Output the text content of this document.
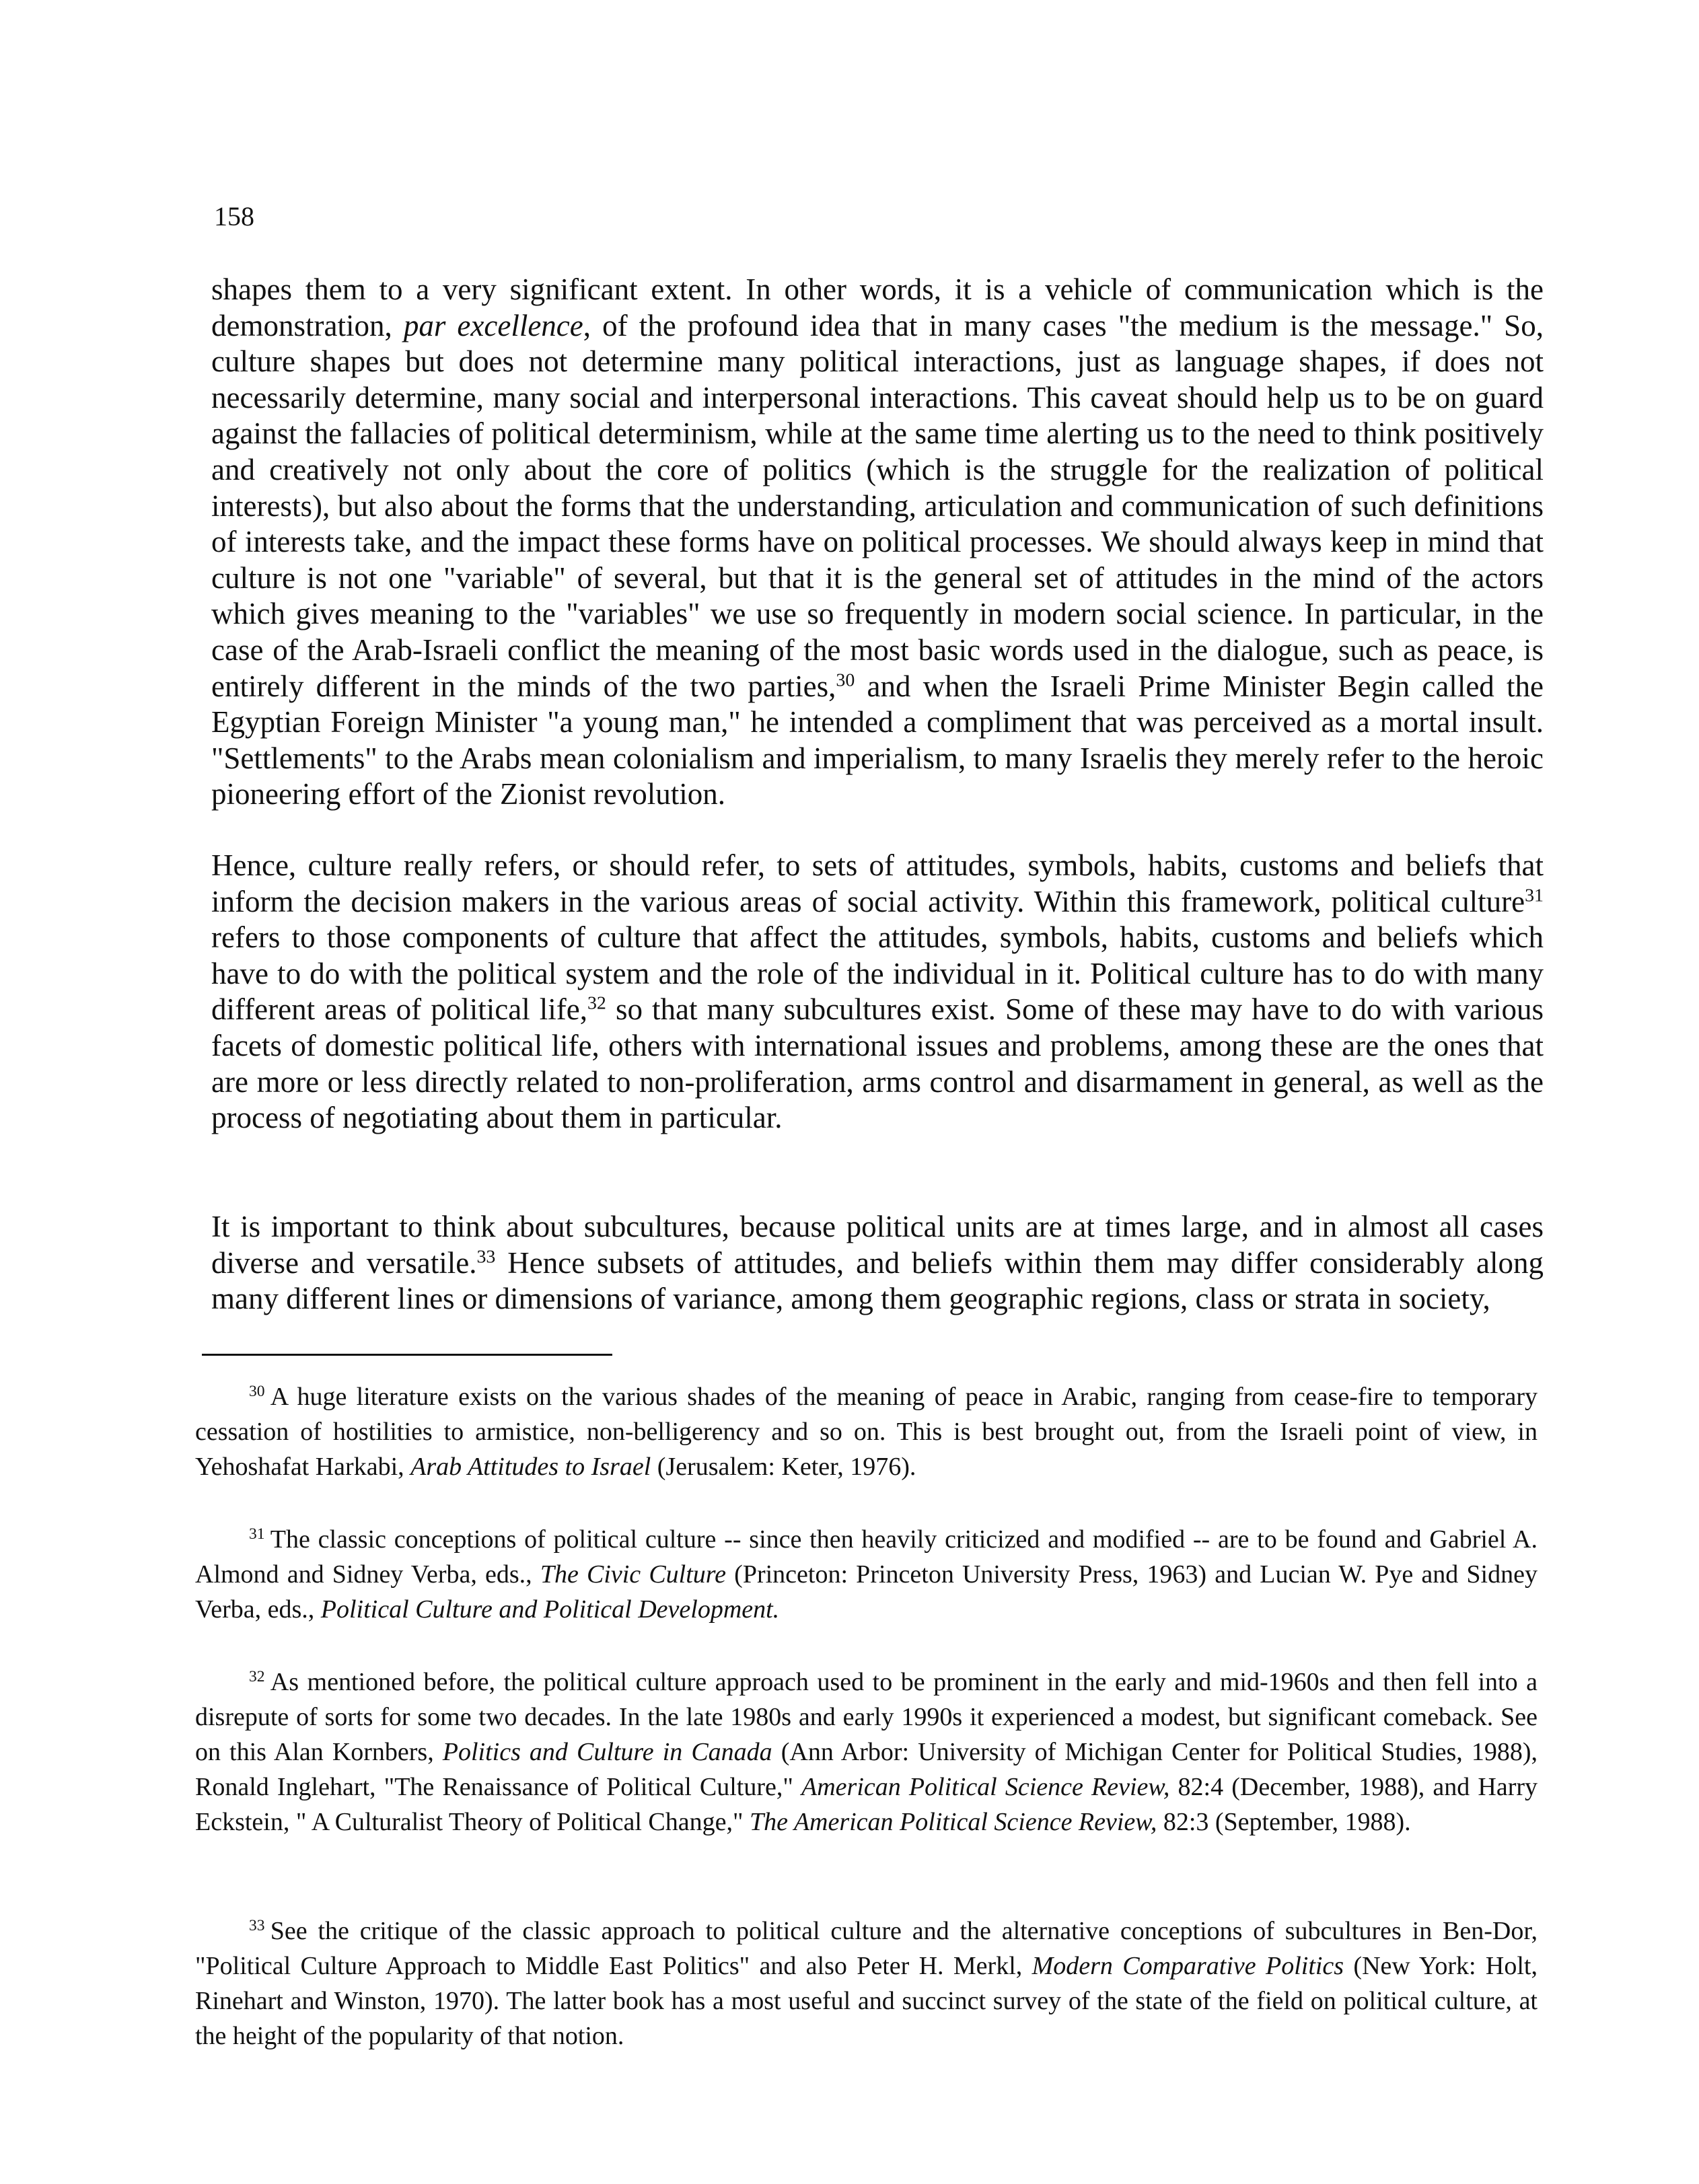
158

shapes them to a very significant extent. In other words, it is a vehicle of communication which is the demonstration, par excellence, of the profound idea that in many cases "the medium is the message." So, culture shapes but does not determine many political interactions, just as language shapes, if does not necessarily determine, many social and interpersonal interactions. This caveat should help us to be on guard against the fallacies of political determinism, while at the same time alerting us to the need to think positively and creatively not only about the core of politics (which is the struggle for the realization of political interests), but also about the forms that the understanding, articulation and communication of such definitions of interests take, and the impact these forms have on political processes. We should always keep in mind that culture is not one "variable" of several, but that it is the general set of attitudes in the mind of the actors which gives meaning to the "variables" we use so frequently in modern social science. In particular, in the case of the Arab-Israeli conflict the meaning of the most basic words used in the dialogue, such as peace, is entirely different in the minds of the two parties,$^{30}$ and when the Israeli Prime Minister Begin called the Egyptian Foreign Minister "a young man," he intended a compliment that was perceived as a mortal insult. "Settlements" to the Arabs mean colonialism and imperialism, to many Israelis they merely refer to the heroic pioneering effort of the Zionist revolution.

Hence, culture really refers, or should refer, to sets of attitudes, symbols, habits, customs and beliefs that inform the decision makers in the various areas of social activity. Within this framework, political culture$^{31}$ refers to those components of culture that affect the attitudes, symbols, habits, customs and beliefs which have to do with the political system and the role of the individual in it. Political culture has to do with many different areas of political life,$^{32}$ so that many subcultures exist. Some of these may have to do with various facets of domestic political life, others with international issues and problems, among these are the ones that are more or less directly related to non-proliferation, arms control and disarmament in general, as well as the process of negotiating about them in particular.

It is important to think about subcultures, because political units are at times large, and in almost all cases diverse and versatile.$^{33}$ Hence subsets of attitudes, and beliefs within them may differ considerably along many different lines or dimensions of variance, among them geographic regions, class or strata in society,

$^{30}$ A huge literature exists on the various shades of the meaning of peace in Arabic, ranging from cease-fire to temporary cessation of hostilities to armistice, non-belligerency and so on. This is best brought out, from the Israeli point of view, in Yehoshafat Harkabi, Arab Attitudes to Israel (Jerusalem: Keter, 1976).

$^{31}$ The classic conceptions of political culture -- since then heavily criticized and modified -- are to be found and Gabriel A. Almond and Sidney Verba, eds., The Civic Culture (Princeton: Princeton University Press, 1963) and Lucian W. Pye and Sidney Verba, eds., Political Culture and Political Development.

$^{32}$ As mentioned before, the political culture approach used to be prominent in the early and mid-1960s and then fell into a disrepute of sorts for some two decades. In the late 1980s and early 1990s it experienced a modest, but significant comeback. See on this Alan Kornbers, Politics and Culture in Canada (Ann Arbor: University of Michigan Center for Political Studies, 1988), Ronald Inglehart, "The Renaissance of Political Culture," American Political Science Review, 82:4 (December, 1988), and Harry Eckstein, " A Culturalist Theory of Political Change," The American Political Science Review, 82:3 (September, 1988).

$^{33}$ See the critique of the classic approach to political culture and the alternative conceptions of subcultures in Ben-Dor, "Political Culture Approach to Middle East Politics" and also Peter H. Merkl, Modern Comparative Politics (New York: Holt, Rinehart and Winston, 1970). The latter book has a most useful and succinct survey of the state of the field on political culture, at the height of the popularity of that notion.
